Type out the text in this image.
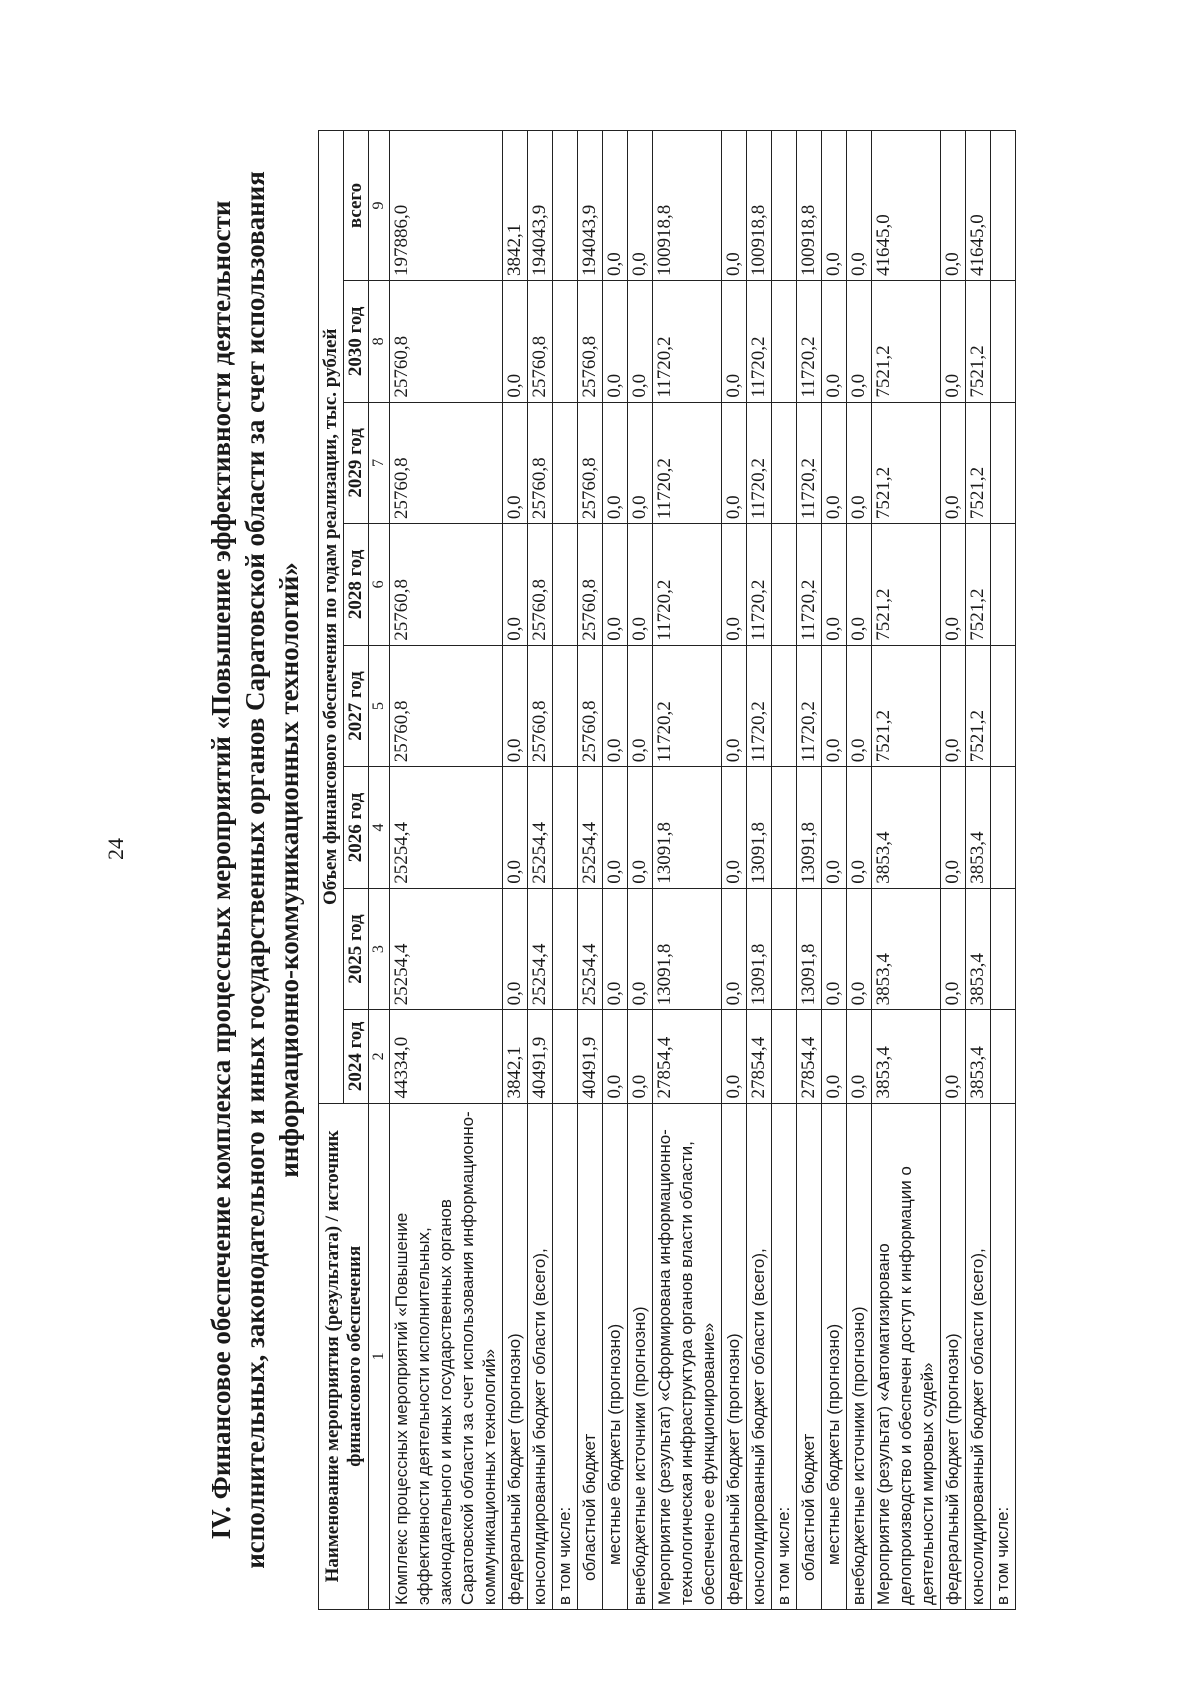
24	IV. Финансовое обеспечение комплекса процессных мероприятий «Повышение эффективности деятельности исполнительных, законодательного и иных государственных органов Саратовской области за счет использования информационно-коммуникационных технологий»
Наименование мероприятия (результата) / источник финансового обеспечения	Объем финансового обеспечения по годам реализации, тыс. рублей							
	2024 год	2025 год	2026 год	2027 год	2028 год	2029 год	2030 год	всего
1	2	3	4	5	6	7	8	9
Комплекс процессных мероприятий «Повышение эффективности деятельности исполнительных, законодательного и иных государственных органов Саратовской области за счет использования информационно-коммуникационных технологий»	44334,0	25254,4	25254,4	25760,8	25760,8	25760,8	25760,8	197886,0
федеральный бюджет (прогнозно)	3842,1	0,0	0,0	0,0	0,0	0,0	0,0	3842,1
консолидированный бюджет области (всего),	40491,9	25254,4	25254,4	25760,8	25760,8	25760,8	25760,8	194043,9
в том числе:								
областной бюджет	40491,9	25254,4	25254,4	25760,8	25760,8	25760,8	25760,8	194043,9
местные бюджеты (прогнозно)	0,0	0,0	0,0	0,0	0,0	0,0	0,0	0,0
внебюджетные источники (прогнозно)	0,0	0,0	0,0	0,0	0,0	0,0	0,0	0,0
Мероприятие (результат) «Сформирована информационно-технологическая инфраструктура органов власти области, обеспечено ее функционирование»	27854,4	13091,8	13091,8	11720,2	11720,2	11720,2	11720,2	100918,8
федеральный бюджет (прогнозно)	0,0	0,0	0,0	0,0	0,0	0,0	0,0	0,0
консолидированный бюджет области (всего),	27854,4	13091,8	13091,8	11720,2	11720,2	11720,2	11720,2	100918,8
в том числе:								
областной бюджет	27854,4	13091,8	13091,8	11720,2	11720,2	11720,2	11720,2	100918,8
местные бюджеты (прогнозно)	0,0	0,0	0,0	0,0	0,0	0,0	0,0	0,0
внебюджетные источники (прогнозно)	0,0	0,0	0,0	0,0	0,0	0,0	0,0	0,0
Мероприятие (результат) «Автоматизировано делопроизводство и обеспечен доступ к информации о деятельности мировых судей»	3853,4	3853,4	3853,4	7521,2	7521,2	7521,2	7521,2	41645,0
федеральный бюджет (прогнозно)	0,0	0,0	0,0	0,0	0,0	0,0	0,0	0,0
консолидированный бюджет области (всего),	3853,4	3853,4	3853,4	7521,2	7521,2	7521,2	7521,2	41645,0
в том числе:								
